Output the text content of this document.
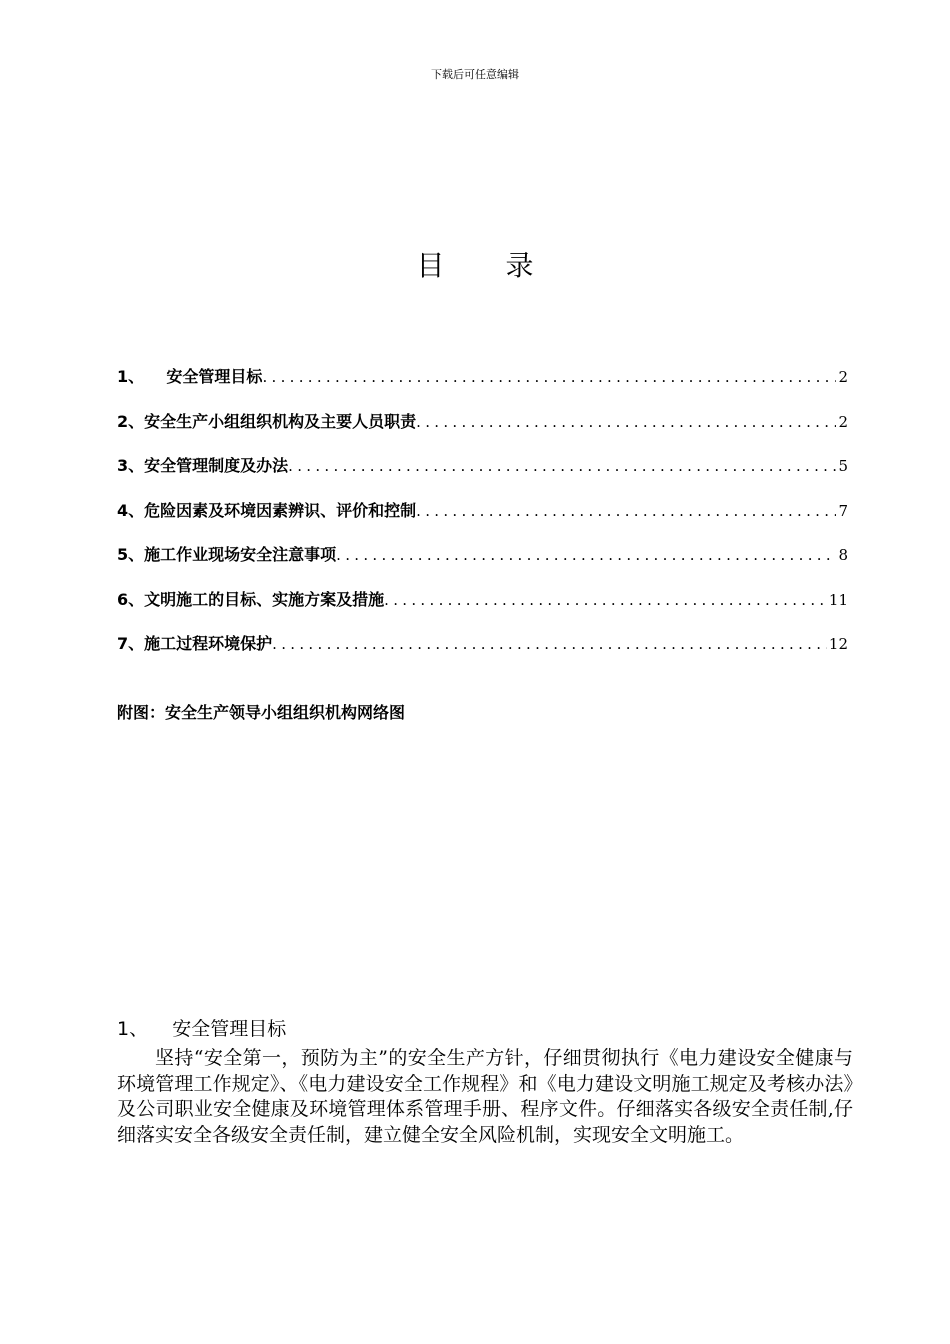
下载后可任意编辑
目 录
1、 安全管理目标 .....	2
2、 安全生产小组组织机构及主要人员职责 .....	2
3、 安全管理制度及办法 .....	5
4、 危险因素及环境因素辨识、评价和控制 .....	7
5、 施工作业现场安全注意事项 .....	8
6、 文明施工的目标、实施方案及措施 .....	11
7、 施工过程环境保护 .....	12
附图：安全生产领导小组组织机构网络图
1、    安全管理目标
坚持“安全第一，预防为主”的安全生产方针，仔细贯彻执行《电力建设安全健康与环境管理工作规定》、《电力建设安全工作规程》和《电力建设文明施工规定及考核办法》及公司职业安全健康及环境管理体系管理手册、程序文件。仔细落实各级安全责任制,仔细落实安全各级安全责任制，建立健全安全风险机制，实现安全文明施工。
